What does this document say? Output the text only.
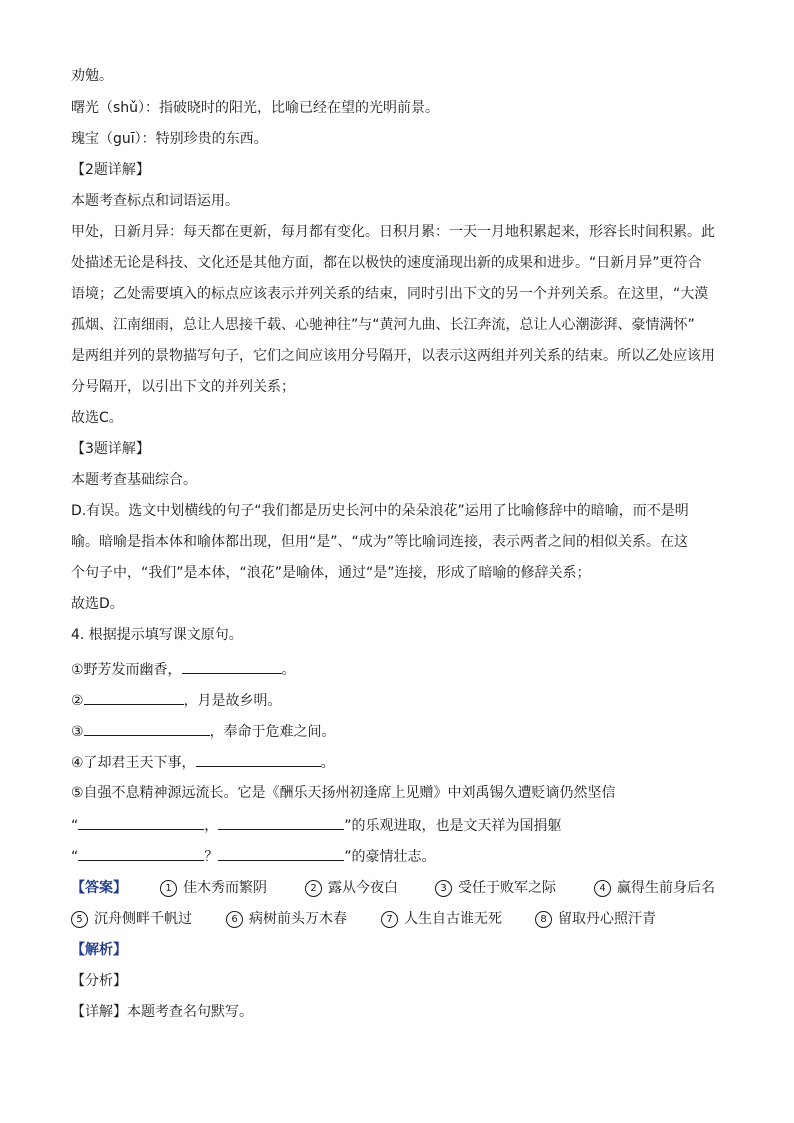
劝勉。
曙光（shǔ）：指破晓时的阳光，比喻已经在望的光明前景。
瑰宝（guī）：特别珍贵的东西。
【2题详解】
本题考查标点和词语运用。
甲处，日新月异：每天都在更新，每月都有变化。日积月累：一天一月地积累起来，形容长时间积累。此
处描述无论是科技、文化还是其他方面，都在以极快的速度涌现出新的成果和进步。“日新月异”更符合
语境；乙处需要填入的标点应该表示并列关系的结束，同时引出下文的另一个并列关系。在这里，“大漠
孤烟、江南细雨，总让人思接千载、心驰神往”与“黄河九曲、长江奔流，总让人心潮澎湃、豪情满怀”
是两组并列的景物描写句子，它们之间应该用分号隔开，以表示这两组并列关系的结束。所以乙处应该用
分号隔开，以引出下文的并列关系；
故选C。
【3题详解】
本题考查基础综合。
D.有误。选文中划横线的句子“我们都是历史长河中的朵朵浪花”运用了比喻修辞中的暗喻，而不是明
喻。暗喻是指本体和喻体都出现，但用“是”、“成为”等比喻词连接，表示两者之间的相似关系。在这
个句子中，“我们”是本体，“浪花”是喻体，通过“是”连接，形成了暗喻的修辞关系；
故选D。
4. 根据提示填写课文原句。
①野芳发而幽香，	。
②	，月是故乡明。
③	，奉命于危难之间。
④了却君王天下事，	。
⑤自强不息精神源远流长。它是《酬乐天扬州初逢席上见赠》中刘禹锡久遭贬谪仍然坚信
“	，	”的乐观进取，也是文天祥为国捐躯
“	？	”的豪情壮志。
【答案】	1 佳木秀而繁阴	2 露从今夜白	3 受任于败军之际	4 赢得生前身后名
5 沉舟侧畔千帆过	6 病树前头万木春	7 人生自古谁无死	8 留取丹心照汗青
【解析】
【分析】
【详解】本题考查名句默写。
